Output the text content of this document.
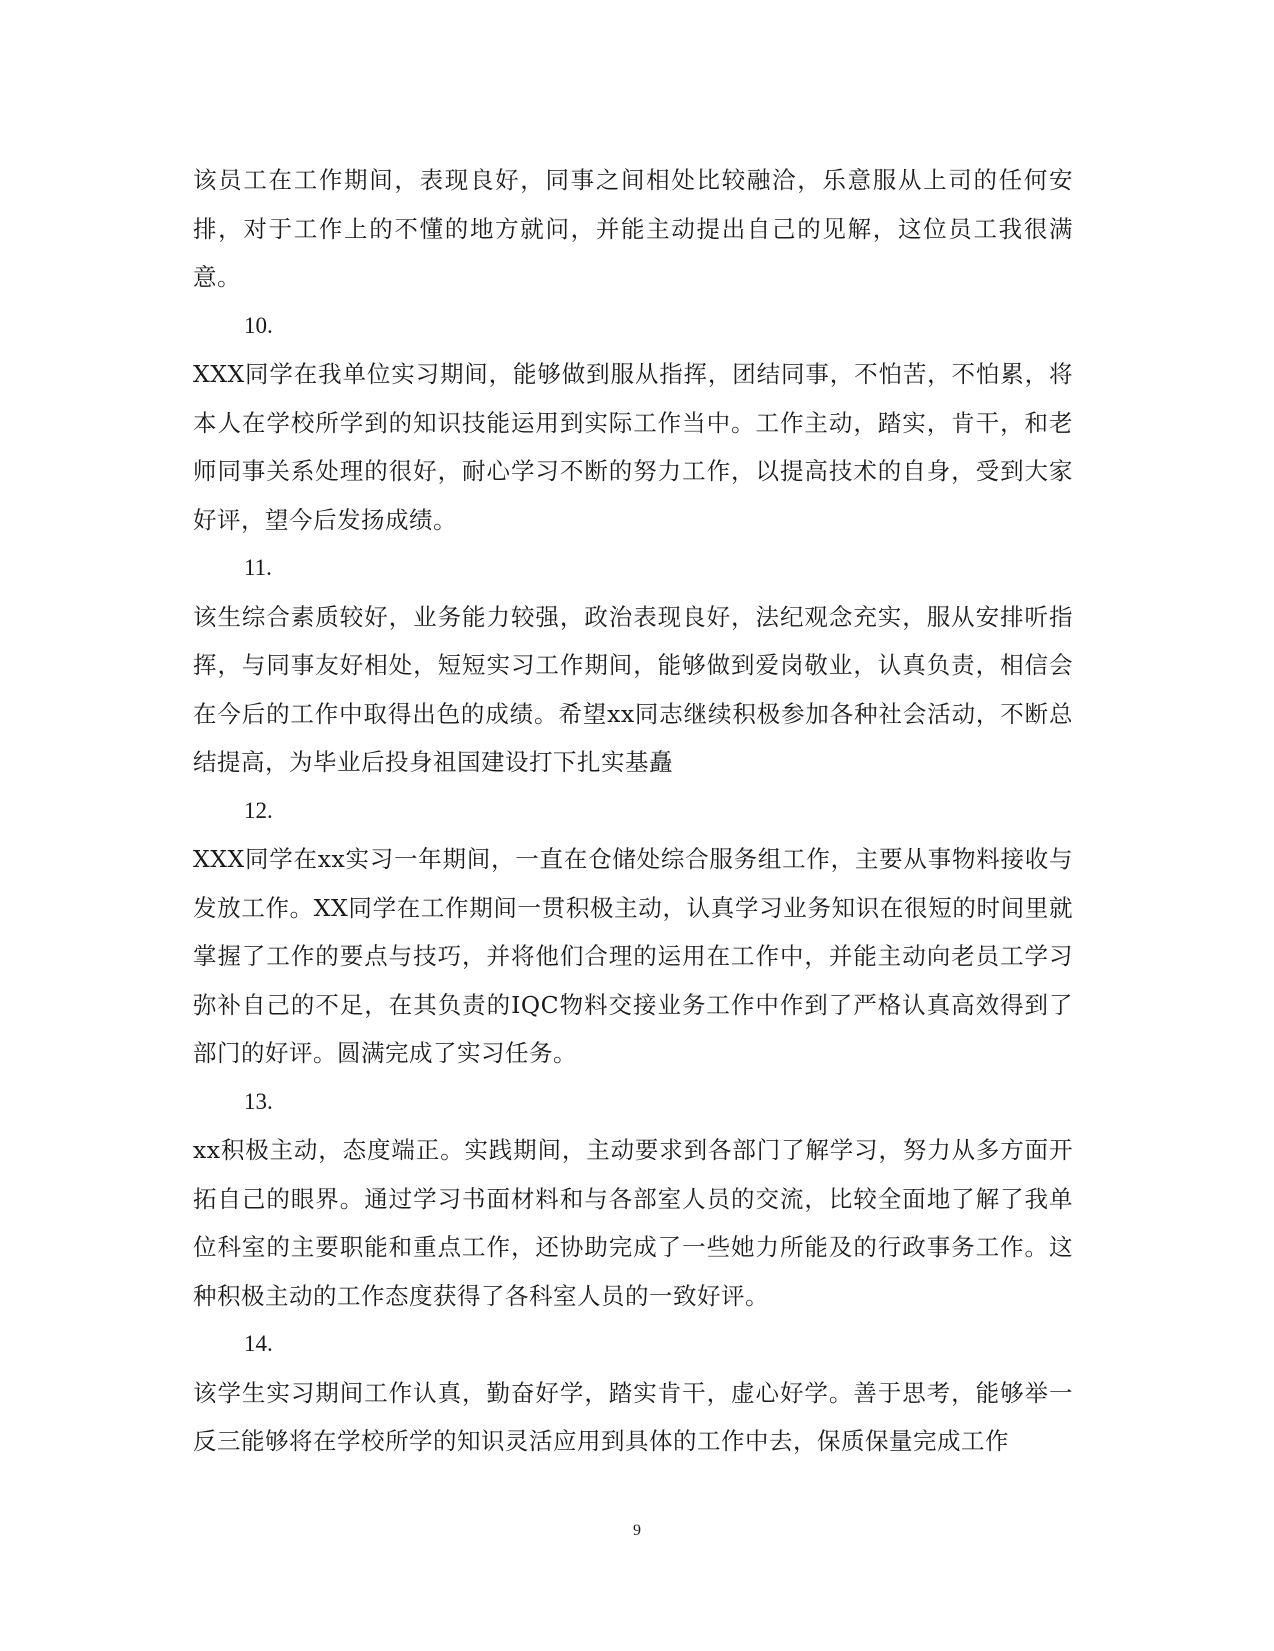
该员工在工作期间，表现良好，同事之间相处比较融洽，乐意服从上司的任何安排，对于工作上的不懂的地方就问，并能主动提出自己的见解，这位员工我很满意。

10.

XXX同学在我单位实习期间，能够做到服从指挥，团结同事，不怕苦，不怕累，将本人在学校所学到的知识技能运用到实际工作当中。工作主动，踏实，肯干，和老师同事关系处理的很好，耐心学习不断的努力工作，以提高技术的自身，受到大家好评，望今后发扬成绩。

11.

该生综合素质较好，业务能力较强，政治表现良好，法纪观念充实，服从安排听指挥，与同事友好相处，短短实习工作期间，能够做到爱岗敬业，认真负责，相信会在今后的工作中取得出色的成绩。希望xx同志继续积极参加各种社会活动，不断总结提高，为毕业后投身祖国建设打下扎实基矗

12.

XXX同学在xx实习一年期间，一直在仓储处综合服务组工作，主要从事物料接收与发放工作。XX同学在工作期间一贯积极主动，认真学习业务知识在很短的时间里就掌握了工作的要点与技巧，并将他们合理的运用在工作中，并能主动向老员工学习弥补自己的不足，在其负责的IQC物料交接业务工作中作到了严格认真高效得到了部门的好评。圆满完成了实习任务。

13.

xx积极主动，态度端正。实践期间，主动要求到各部门了解学习，努力从多方面开拓自己的眼界。通过学习书面材料和与各部室人员的交流，比较全面地了解了我单位科室的主要职能和重点工作，还协助完成了一些她力所能及的行政事务工作。这种积极主动的工作态度获得了各科室人员的一致好评。

14.

该学生实习期间工作认真，勤奋好学，踏实肯干，虚心好学。善于思考，能够举一反三能够将在学校所学的知识灵活应用到具体的工作中去，保质保量完成工作

9
